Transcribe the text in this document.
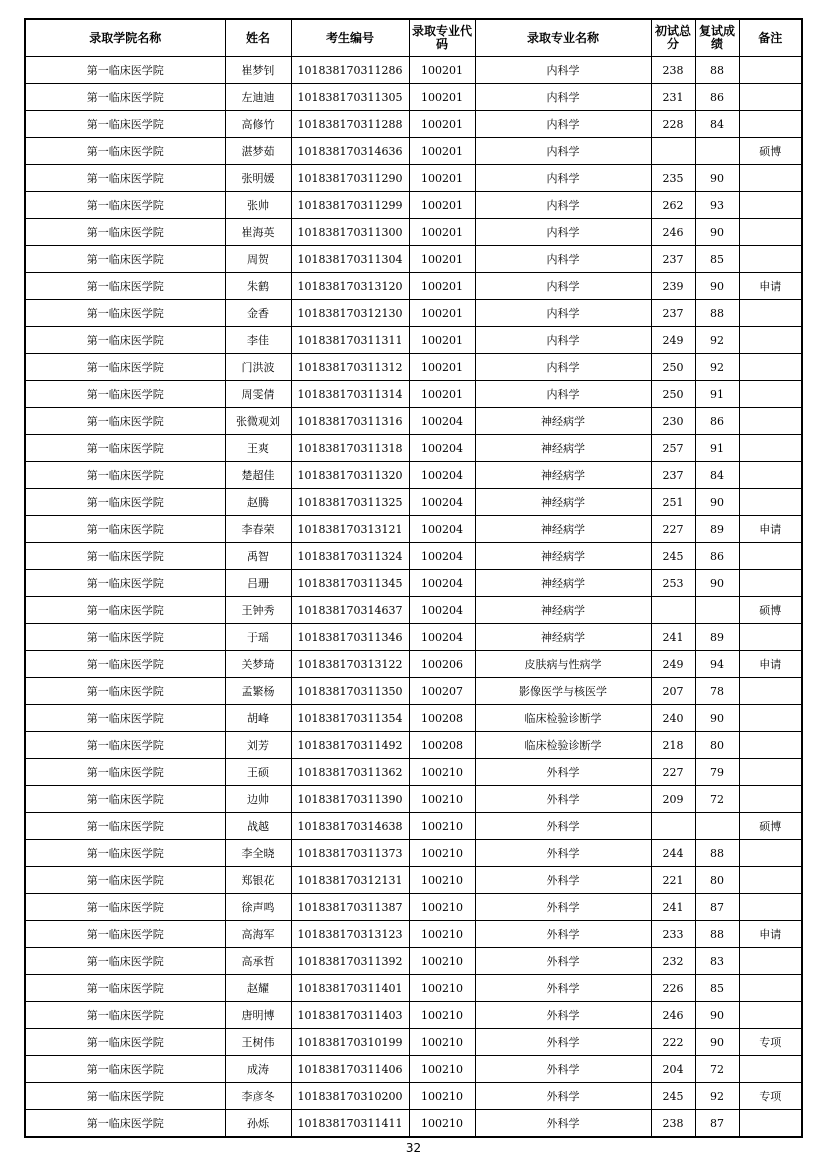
录取学院名称	姓名	考生编号	录取专业代码	录取专业名称	初试总分	复试成绩	备注
第一临床医学院	崔梦钊	101838170311286	100201	内科学	238	88	
第一临床医学院	左迪迪	101838170311305	100201	内科学	231	86	
第一临床医学院	高修竹	101838170311288	100201	内科学	228	84	
第一临床医学院	湛梦茹	101838170314636	100201	内科学			硕博
第一临床医学院	张明媛	101838170311290	100201	内科学	235	90	
第一临床医学院	张帅	101838170311299	100201	内科学	262	93	
第一临床医学院	崔海英	101838170311300	100201	内科学	246	90	
第一临床医学院	周贺	101838170311304	100201	内科学	237	85	
第一临床医学院	朱鹤	101838170313120	100201	内科学	239	90	申请
第一临床医学院	金香	101838170312130	100201	内科学	237	88	
第一临床医学院	李佳	101838170311311	100201	内科学	249	92	
第一临床医学院	门洪波	101838170311312	100201	内科学	250	92	
第一临床医学院	周雯倩	101838170311314	100201	内科学	250	91	
第一临床医学院	张微观刘	101838170311316	100204	神经病学	230	86	
第一临床医学院	王爽	101838170311318	100204	神经病学	257	91	
第一临床医学院	楚超佳	101838170311320	100204	神经病学	237	84	
第一临床医学院	赵腾	101838170311325	100204	神经病学	251	90	
第一临床医学院	李春荣	101838170313121	100204	神经病学	227	89	申请
第一临床医学院	禹智	101838170311324	100204	神经病学	245	86	
第一临床医学院	吕珊	101838170311345	100204	神经病学	253	90	
第一临床医学院	王钟秀	101838170314637	100204	神经病学			硕博
第一临床医学院	于瑶	101838170311346	100204	神经病学	241	89	
第一临床医学院	关梦琦	101838170313122	100206	皮肤病与性病学	249	94	申请
第一临床医学院	孟繁杨	101838170311350	100207	影像医学与核医学	207	78	
第一临床医学院	胡峰	101838170311354	100208	临床检验诊断学	240	90	
第一临床医学院	刘芳	101838170311492	100208	临床检验诊断学	218	80	
第一临床医学院	王硕	101838170311362	100210	外科学	227	79	
第一临床医学院	边帅	101838170311390	100210	外科学	209	72	
第一临床医学院	战越	101838170314638	100210	外科学			硕博
第一临床医学院	李全晓	101838170311373	100210	外科学	244	88	
第一临床医学院	郑银花	101838170312131	100210	外科学	221	80	
第一临床医学院	徐声鸣	101838170311387	100210	外科学	241	87	
第一临床医学院	高海军	101838170313123	100210	外科学	233	88	申请
第一临床医学院	高承哲	101838170311392	100210	外科学	232	83	
第一临床医学院	赵耀	101838170311401	100210	外科学	226	85	
第一临床医学院	唐明博	101838170311403	100210	外科学	246	90	
第一临床医学院	王树伟	101838170310199	100210	外科学	222	90	专项
第一临床医学院	成涛	101838170311406	100210	外科学	204	72	
第一临床医学院	李彦冬	101838170310200	100210	外科学	245	92	专项
第一临床医学院	孙烁	101838170311411	100210	外科学	238	87	
32
